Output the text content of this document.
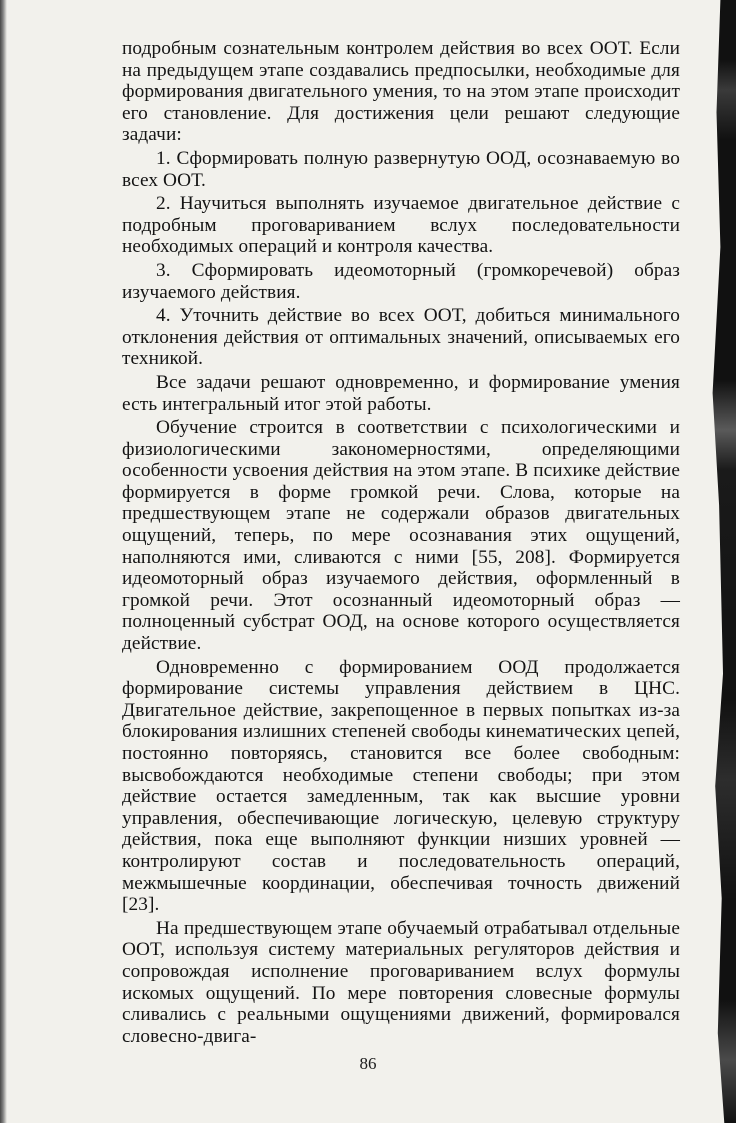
подробным сознательным контролем действия во всех ООТ. Если на предыдущем этапе создавались предпосылки, необходимые для формирования двигательного умения, то на этом этапе происходит его становление. Для достижения цели решают следующие задачи:

1. Сформировать полную развернутую ООД, осознаваемую во всех ООТ.

2. Научиться выполнять изучаемое двигательное действие с подробным проговариванием вслух последовательности необходимых операций и контроля качества.

3. Сформировать идеомоторный (громкоречевой) образ изучаемого действия.

4. Уточнить действие во всех ООТ, добиться минимального отклонения действия от оптимальных значений, описываемых его техникой.

Все задачи решают одновременно, и формирование умения есть интегральный итог этой работы.

Обучение строится в соответствии с психологическими и физиологическими закономерностями, определяющими особенности усвоения действия на этом этапе. В психике действие формируется в форме громкой речи. Слова, которые на предшествующем этапе не содержали образов двигательных ощущений, теперь, по мере осознавания этих ощущений, наполняются ими, сливаются с ними [55, 208]. Формируется идеомоторный образ изучаемого действия, оформленный в громкой речи. Этот осознанный идеомоторный образ — полноценный субстрат ООД, на основе которого осуществляется действие.

Одновременно с формированием ООД продолжается формирование системы управления действием в ЦНС. Двигательное действие, закрепощенное в первых попытках из-за блокирования излишних степеней свободы кинематических цепей, постоянно повторяясь, становится все более свободным: высвобождаются необходимые степени свободы; при этом действие остается замедленным, так как высшие уровни управления, обеспечивающие логическую, целевую структуру действия, пока еще выполняют функции низших уровней — контролируют состав и последовательность операций, межмышечные координации, обеспечивая точность движений [23].

На предшествующем этапе обучаемый отрабатывал отдельные ООТ, используя систему материальных регуляторов действия и сопровождая исполнение проговариванием вслух формулы искомых ощущений. По мере повторения словесные формулы сливались с реальными ощущениями движений, формировался словесно-двига-

86
